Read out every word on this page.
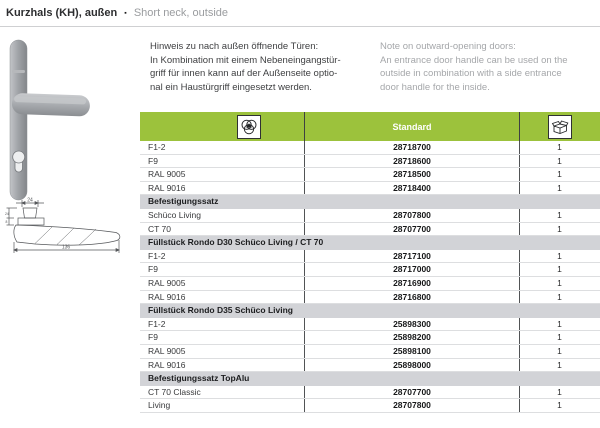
Kurzhals (KH), außen ▪ Short neck, outside
24
136
24
8
Hinweis zu nach außen öffnende Türen:
In Kombination mit einem Nebeneingangstür-
griff für innen kann auf der Außenseite optio-
nal ein Haustürgriff eingesetzt werden.
Note on outward-opening doors:
An entrance door handle can be used on the
outside in combination with a side entrance
door handle for the inside.
Standard
F1-2	28718700	1
F9	28718600	1
RAL 9005	28718500	1
RAL 9016	28718400	1
Befestigungssatz
Schüco Living	28707800	1
CT 70	28707700	1
Füllstück Rondo D30 Schüco Living / CT 70
F1-2	28717100	1
F9	28717000	1
RAL 9005	28716900	1
RAL 9016	28716800	1
Füllstück Rondo D35 Schüco Living
F1-2	25898300	1
F9	25898200	1
RAL 9005	25898100	1
RAL 9016	25898000	1
Befestigungssatz TopAlu
CT 70 Classic	28707700	1
Living	28707800	1
